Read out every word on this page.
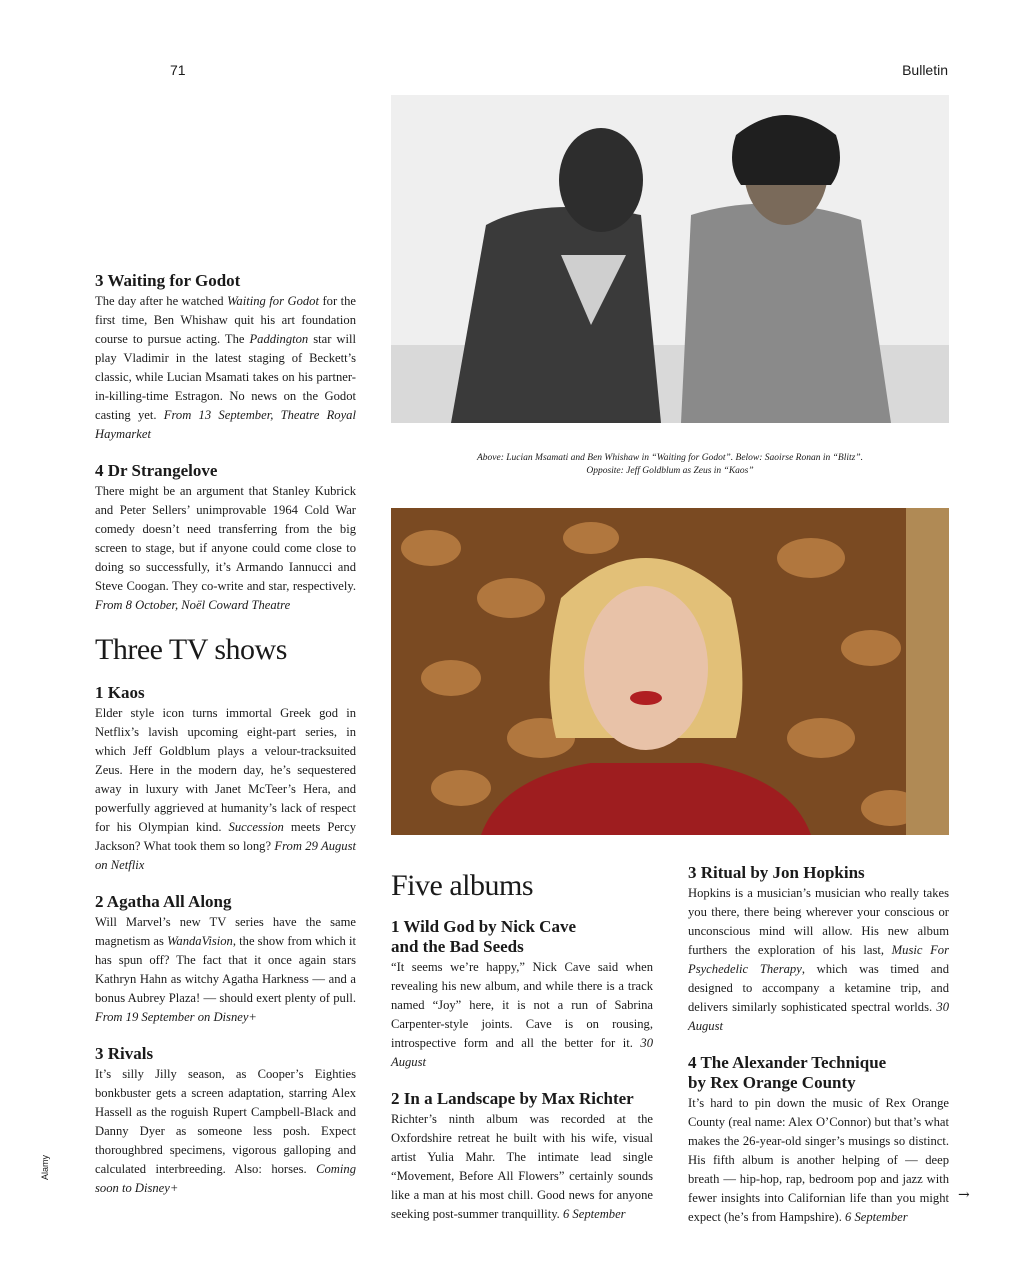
71	Bulletin
Above: Lucian Msamati and Ben Whishaw in “Waiting for Godot”. Below: Saoirse Ronan in “Blitz”.
Opposite: Jeff Goldblum as Zeus in “Kaos”
3 Waiting for Godot

The day after he watched Waiting for Godot for the first time, Ben Whishaw quit his art foundation course to pursue acting. The Paddington star will play Vladimir in the latest staging of Beckett’s classic, while Lucian Msamati takes on his partner-in-killing-time Estragon. No news on the Godot casting yet. From 13 September, Theatre Royal Haymarket

4 Dr Strangelove

There might be an argument that Stanley Kubrick and Peter Sellers’ unimprovable 1964 Cold War comedy doesn’t need transferring from the big screen to stage, but if anyone could come close to doing so successfully, it’s Armando Iannucci and Steve Coogan. They co-write and star, respectively. From 8 October, Noël Coward Theatre

Three TV shows
1 Kaos

Elder style icon turns immortal Greek god in Netflix’s lavish upcoming eight-part series, in which Jeff Goldblum plays a velour-tracksuited Zeus. Here in the modern day, he’s sequestered away in luxury with Janet McTeer’s Hera, and powerfully aggrieved at humanity’s lack of respect for his Olympian kind. Succession meets Percy Jackson? What took them so long? From 29 August on Netflix

2 Agatha All Along

Will Marvel’s new TV series have the same magnetism as WandaVision, the show from which it has spun off? The fact that it once again stars Kathryn Hahn as witchy Agatha Harkness — and a bonus Aubrey Plaza! — should exert plenty of pull. From 19 September on Disney+

3 Rivals

It’s silly Jilly season, as Cooper’s Eighties bonkbuster gets a screen adaptation, starring Alex Hassell as the roguish Rupert Campbell-Black and Danny Dyer as someone less posh. Expect thoroughbred specimens, vigorous galloping and calculated interbreeding. Also: horses. Coming soon to Disney+

Five albums
1 Wild God by Nick Cave and the Bad Seeds

“It seems we’re happy,” Nick Cave said when revealing his new album, and while there is a track named “Joy” here, it is not a run of Sabrina Carpenter-style joints. Cave is on rousing, introspective form and all the better for it. 30 August

2 In a Landscape by Max Richter

Richter’s ninth album was recorded at the Oxfordshire retreat he built with his wife, visual artist Yulia Mahr. The intimate lead single “Movement, Before All Flowers” certainly sounds like a man at his most chill. Good news for anyone seeking post-summer tranquillity. 6 September

3 Ritual by Jon Hopkins

Hopkins is a musician’s musician who really takes you there, there being wherever your conscious or unconscious mind will allow. His new album furthers the exploration of his last, Music For Psychedelic Therapy, which was timed and designed to accompany a ketamine trip, and delivers similarly sophisticated spectral worlds. 30 August

4 The Alexander Technique by Rex Orange County

It’s hard to pin down the music of Rex Orange County (real name: Alex O’Connor) but that’s what makes the 26-year-old singer’s musings so distinct. His fifth album is another helping of — deep breath — hip-hop, rap, bedroom pop and jazz with fewer insights into Californian life than you might expect (he’s from Hampshire). 6 September

Alamy
→
